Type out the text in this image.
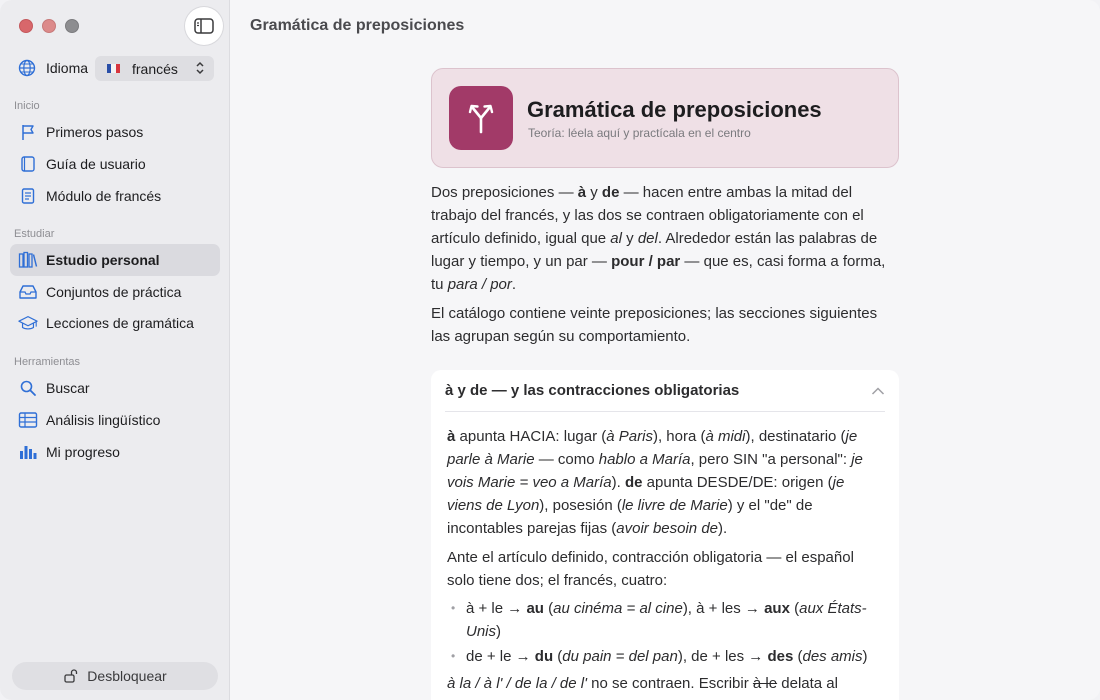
Idioma	francés
Inicio
Primeros pasos
Guía de usuario
Módulo de francés
Estudiar
Estudio personal
Conjuntos de práctica
Lecciones de gramática
Herramientas
Buscar
Análisis lingüístico
Mi progreso
Desbloquear
Gramática de preposiciones
Gramática de preposiciones
Teoría: léela aquí y practícala en el centro

Dos preposiciones — à y de — hacen entre ambas la mitad del trabajo del francés, y las dos se contraen obligatoriamente con el artículo definido, igual que al y del. Alrededor están las palabras de lugar y tiempo, y un par — pour / par — que es, casi forma a forma, tu para / por.

El catálogo contiene veinte preposiciones; las secciones siguientes las agrupan según su comportamiento.

à y de — y las contracciones obligatorias

à apunta HACIA: lugar (à Paris), hora (à midi), destinatario (je parle à Marie — como hablo a María, pero SIN "a personal": je vois Marie = veo a María). de apunta DESDE/DE: origen (je viens de Lyon), posesión (le livre de Marie) y el "de" de incontables parejas fijas (avoir besoin de).

Ante el artículo definido, contracción obligatoria — el español solo tiene dos; el francés, cuatro:

• à + le → au (au cinéma = al cine), à + les → aux (aux États-Unis)
• de + le → du (du pain = del pan), de + les → des (des amis)

à la / à l' / de la / de l' no se contraen. Escribir à le delata al
